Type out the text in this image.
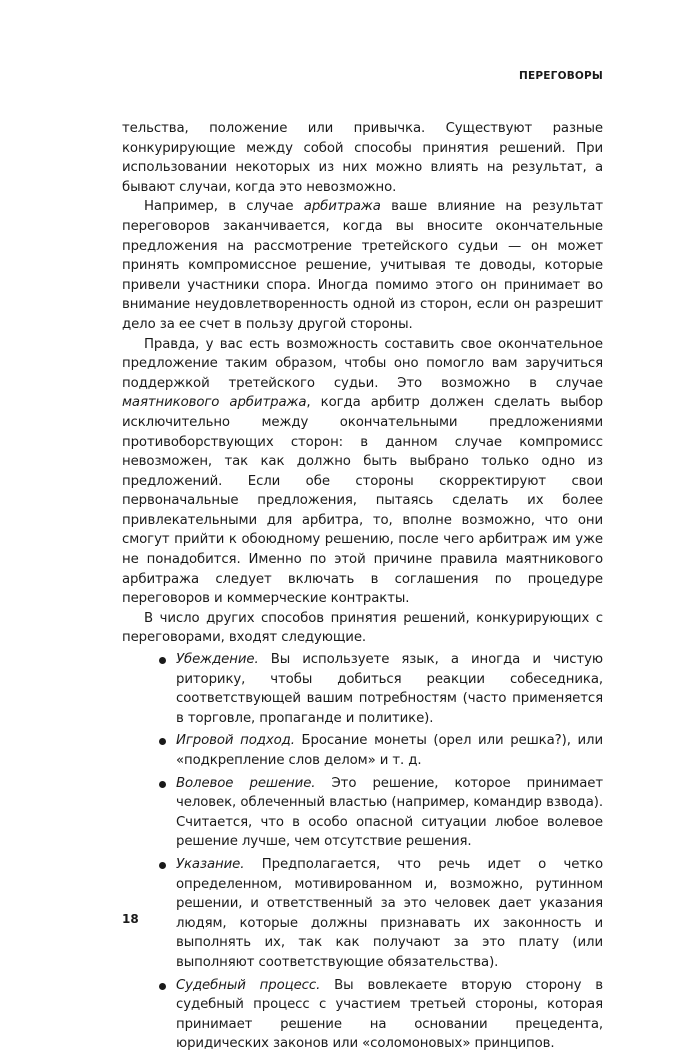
ПЕРЕГОВОРЫ

тельства, положение или привычка. Существуют разные конкурирующие между собой способы принятия решений. При использовании некоторых из них можно влиять на результат, а бывают случаи, когда это невозможно.

Например, в случае арбитража ваше влияние на результат переговоров заканчивается, когда вы вносите окончательные предложения на рассмотрение третейского судьи — он может принять компромиссное решение, учитывая те доводы, которые привели участники спора. Иногда помимо этого он принимает во внимание неудовлетворенность одной из сторон, если он разрешит дело за ее счет в пользу другой стороны.

Правда, у вас есть возможность составить свое окончательное предложение таким образом, чтобы оно помогло вам заручиться поддержкой третейского судьи. Это возможно в случае маятникового арбитража, когда арбитр должен сделать выбор исключительно между окончательными предложениями противоборствующих сторон: в данном случае компромисс невозможен, так как должно быть выбрано только одно из предложений. Если обе стороны скорректируют свои первоначальные предложения, пытаясь сделать их более привлекательными для арбитра, то, вполне возможно, что они смогут прийти к обоюдному решению, после чего арбитраж им уже не понадобится. Именно по этой причине правила маятникового арбитража следует включать в соглашения по процедуре переговоров и коммерческие контракты.

В число других способов принятия решений, конкурирующих с переговорами, входят следующие.

Убеждение. Вы используете язык, а иногда и чистую риторику, чтобы добиться реакции собеседника, соответствующей вашим потребностям (часто применяется в торговле, пропаганде и политике).
Игровой подход. Бросание монеты (орел или решка?), или «подкрепление слов делом» и т. д.
Волевое решение. Это решение, которое принимает человек, облеченный властью (например, командир взвода). Считается, что в особо опасной ситуации любое волевое решение лучше, чем отсутствие решения.
Указание. Предполагается, что речь идет о четко определенном, мотивированном и, возможно, рутинном решении, и ответственный за это человек дает указания людям, которые должны признавать их законность и выполнять их, так как получают за это плату (или выполняют соответствующие обязательства).
Судебный процесс. Вы вовлекаете вторую сторону в судебный процесс с участием третьей стороны, которая принимает решение на основании прецедента, юридических законов или «соломоновых» принципов.
18
